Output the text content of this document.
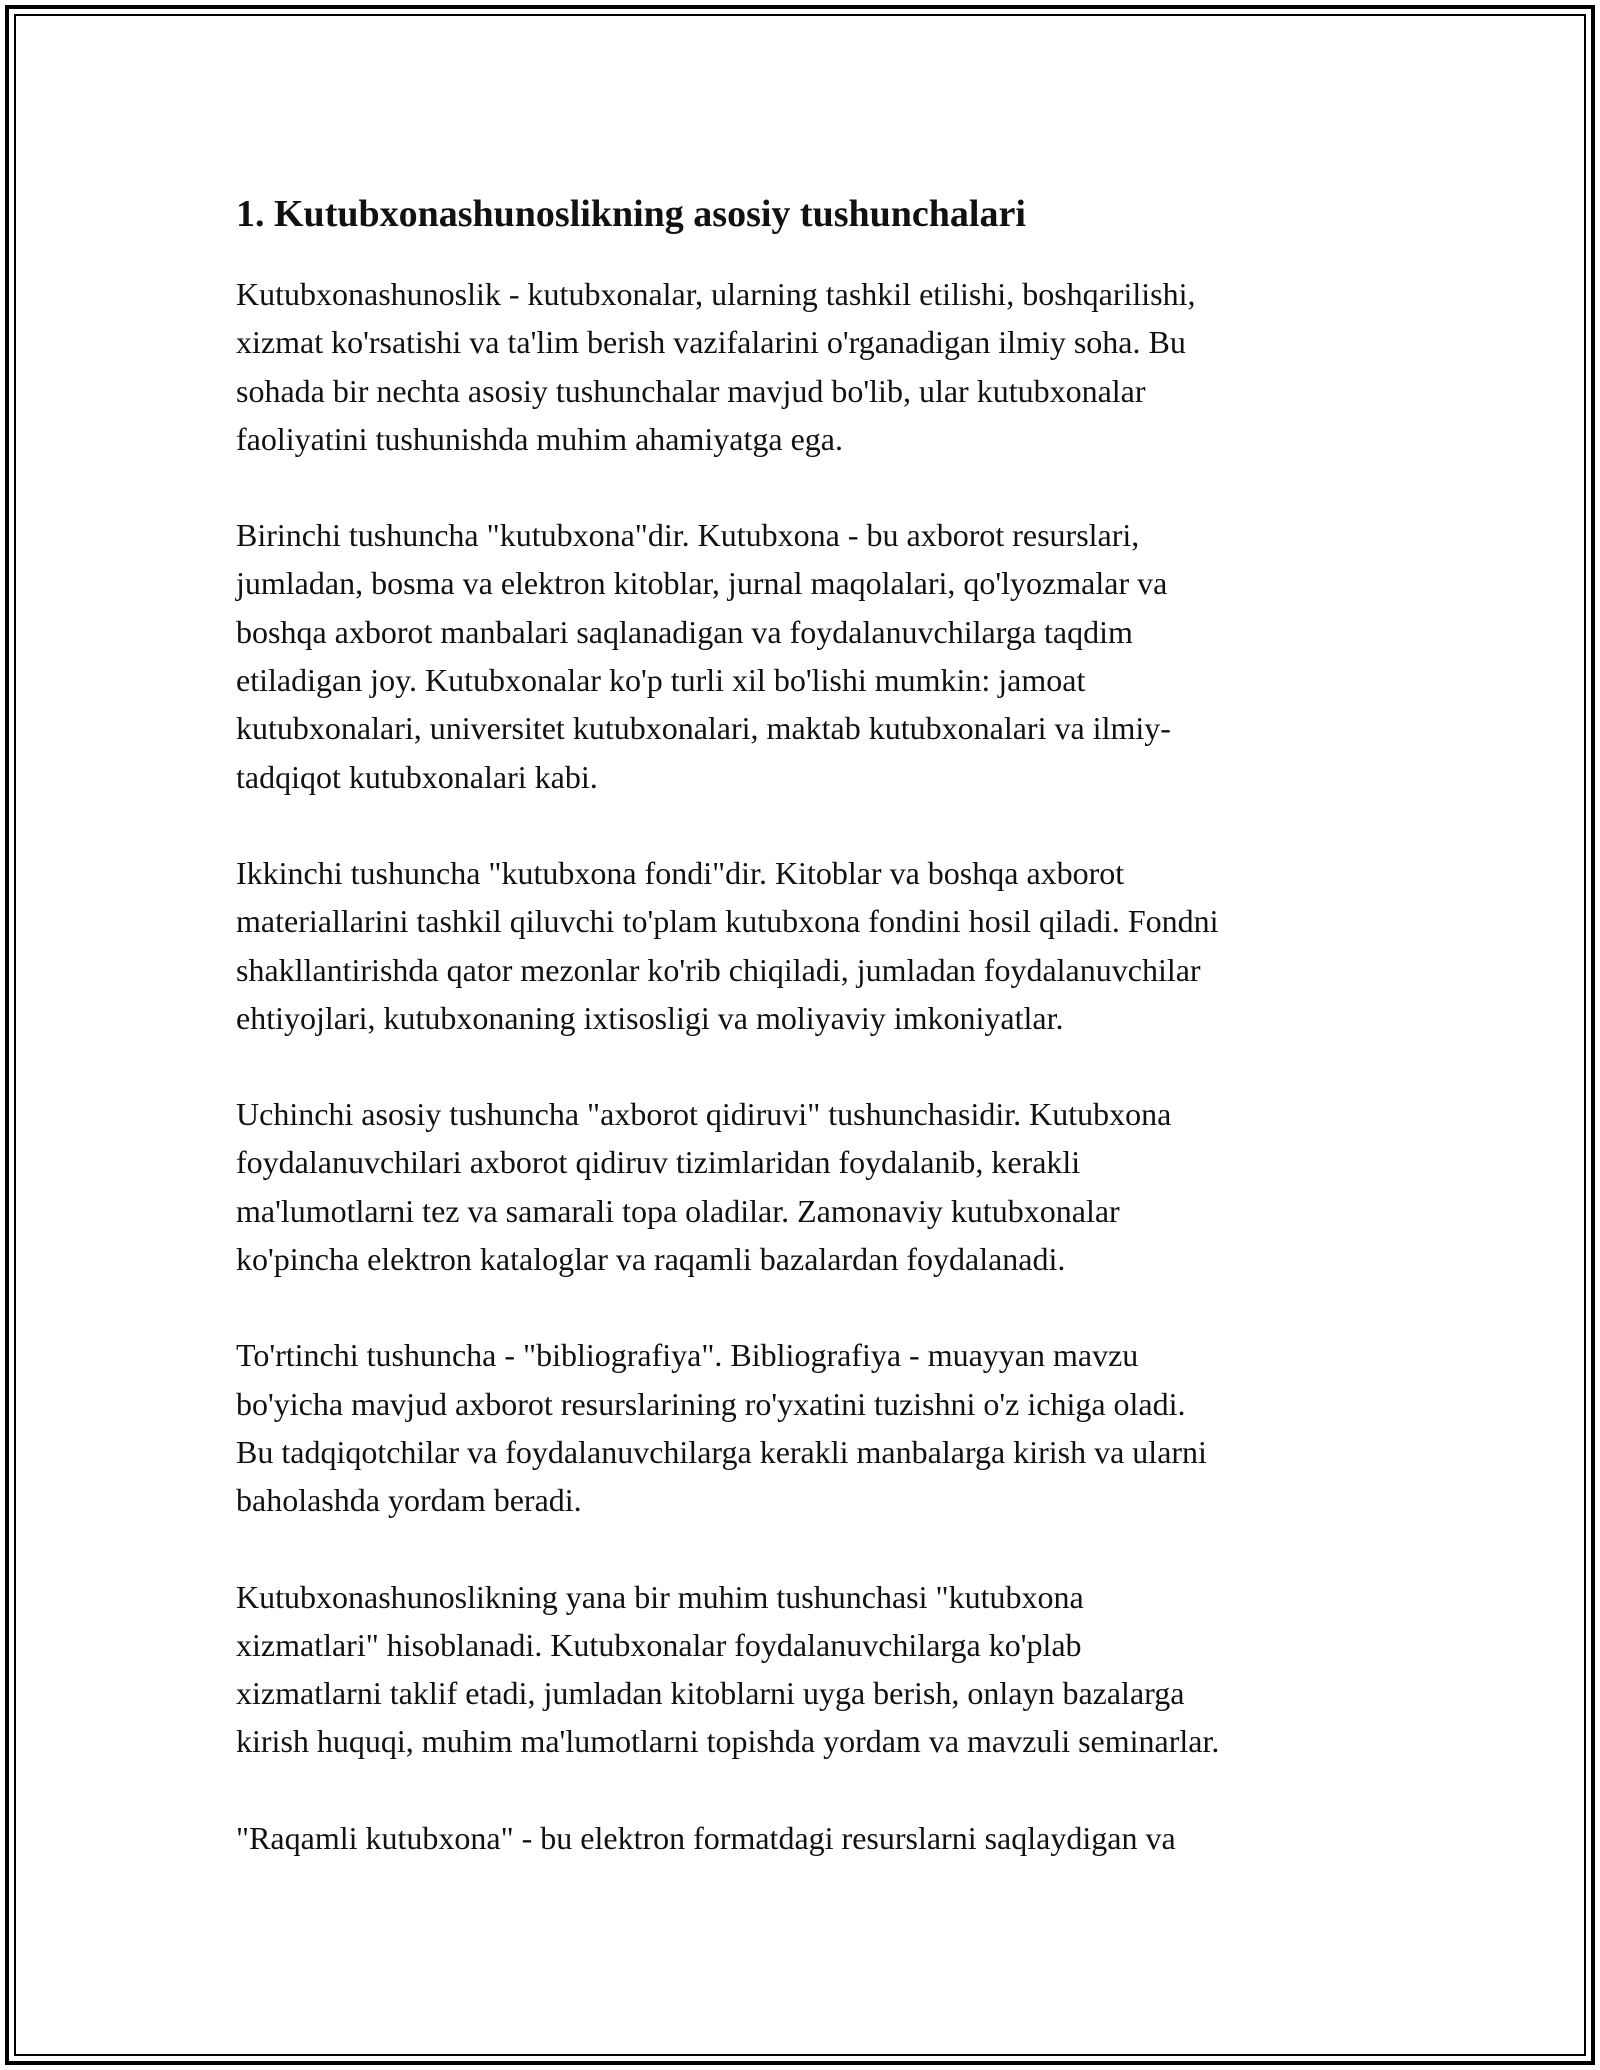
1. Kutubxonashunoslikning asosiy tushunchalari

Kutubxonashunoslik - kutubxonalar, ularning tashkil etilishi, boshqarilishi,
xizmat ko'rsatishi va ta'lim berish vazifalarini o'rganadigan ilmiy soha. Bu
sohada bir nechta asosiy tushunchalar mavjud bo'lib, ular kutubxonalar
faoliyatini tushunishda muhim ahamiyatga ega.

Birinchi tushuncha "kutubxona"dir. Kutubxona - bu axborot resurslari,
jumladan, bosma va elektron kitoblar, jurnal maqolalari, qo'lyozmalar va
boshqa axborot manbalari saqlanadigan va foydalanuvchilarga taqdim
etiladigan joy. Kutubxonalar ko'p turli xil bo'lishi mumkin: jamoat
kutubxonalari, universitet kutubxonalari, maktab kutubxonalari va ilmiy-
tadqiqot kutubxonalari kabi.

Ikkinchi tushuncha "kutubxona fondi"dir. Kitoblar va boshqa axborot
materiallarini tashkil qiluvchi to'plam kutubxona fondini hosil qiladi. Fondni
shakllantirishda qator mezonlar ko'rib chiqiladi, jumladan foydalanuvchilar
ehtiyojlari, kutubxonaning ixtisosligi va moliyaviy imkoniyatlar.

Uchinchi asosiy tushuncha "axborot qidiruvi" tushunchasidir. Kutubxona
foydalanuvchilari axborot qidiruv tizimlaridan foydalanib, kerakli
ma'lumotlarni tez va samarali topa oladilar. Zamonaviy kutubxonalar
ko'pincha elektron kataloglar va raqamli bazalardan foydalanadi.

To'rtinchi tushuncha - "bibliografiya". Bibliografiya - muayyan mavzu
bo'yicha mavjud axborot resurslarining ro'yxatini tuzishni o'z ichiga oladi.
Bu tadqiqotchilar va foydalanuvchilarga kerakli manbalarga kirish va ularni
baholashda yordam beradi.

Kutubxonashunoslikning yana bir muhim tushunchasi "kutubxona
xizmatlari" hisoblanadi. Kutubxonalar foydalanuvchilarga ko'plab
xizmatlarni taklif etadi, jumladan kitoblarni uyga berish, onlayn bazalarga
kirish huquqi, muhim ma'lumotlarni topishda yordam va mavzuli seminarlar.

"Raqamli kutubxona" - bu elektron formatdagi resurslarni saqlaydigan va
